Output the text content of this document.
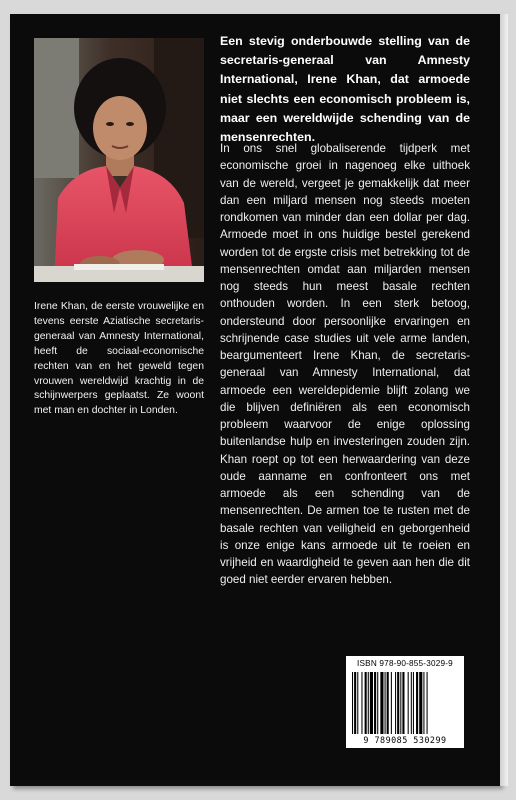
Irene Khan, de eerste vrouwelijke en tevens eerste Aziatische secretaris-generaal van Amnesty International, heeft de sociaal-economische rechten van en het geweld tegen vrouwen wereldwijd krachtig in de schijnwerpers geplaatst. Ze woont met man en dochter in Londen.

Een stevig onderbouwde stelling van de secretaris-generaal van Amnesty International, Irene Khan, dat armoede niet slechts een economisch probleem is, maar een wereldwijde schending van de mensenrechten.

In ons snel globaliserende tijdperk met economische groei in nagenoeg elke uithoek van de wereld, vergeet je gemakkelijk dat meer dan een miljard mensen nog steeds moeten rondkomen van minder dan een dollar per dag. Armoede moet in ons huidige bestel gerekend worden tot de ergste crisis met betrekking tot de mensenrechten omdat aan miljarden mensen nog steeds hun meest basale rechten onthouden worden. In een sterk betoog, ondersteund door persoonlijke ervaringen en schrijnende case studies uit vele arme landen, beargumenteert Irene Khan, de secretaris-generaal van Amnesty International, dat armoede een wereldepidemie blijft zolang we die blijven definiëren als een economisch probleem waarvoor de enige oplossing buitenlandse hulp en investeringen zouden zijn. Khan roept op tot een herwaardering van deze oude aanname en confronteert ons met armoede als een schending van de mensenrechten. De armen toe te rusten met de basale rechten van veiligheid en geborgenheid is onze enige kans armoede uit te roeien en vrijheid en waardigheid te geven aan hen die dit goed niet eerder ervaren hebben.

ISBN 978-90-855-3029-9
9 789085 530299
